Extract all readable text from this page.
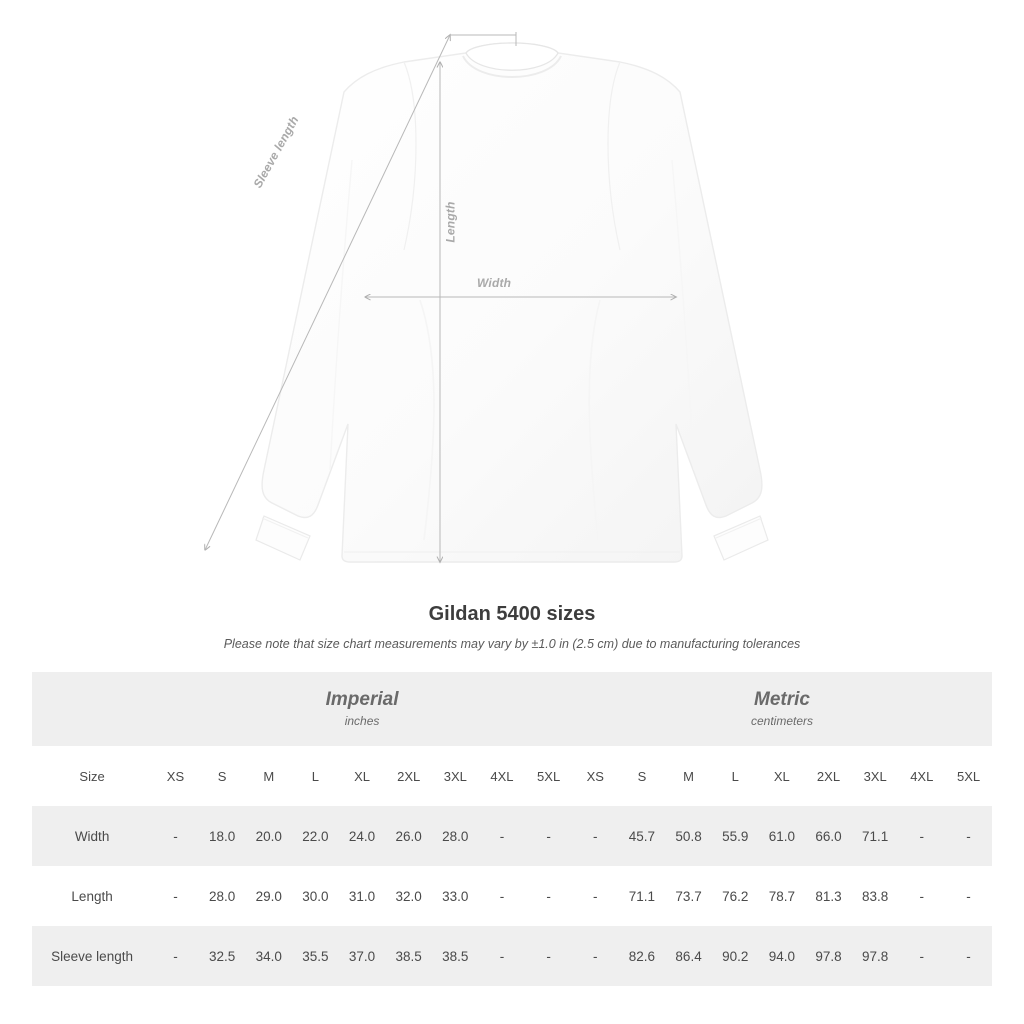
Sleeve length
Length
Width
Gildan 5400 sizes
Please note that size chart measurements may vary by ±1.0 in (2.5 cm) due to manufacturing tolerances

Imperial
inches

Metric
centimeters

Size	XS	S	M	L	XL	2XL	3XL	4XL	5XL	XS	S	M	L	XL	2XL	3XL	4XL	5XL
Width	-	18.0	20.0	22.0	24.0	26.0	28.0	-	-	-	45.7	50.8	55.9	61.0	66.0	71.1	-	-
Length	-	28.0	29.0	30.0	31.0	32.0	33.0	-	-	-	71.1	73.7	76.2	78.7	81.3	83.8	-	-
Sleeve length	-	32.5	34.0	35.5	37.0	38.5	38.5	-	-	-	82.6	86.4	90.2	94.0	97.8	97.8	-	-
